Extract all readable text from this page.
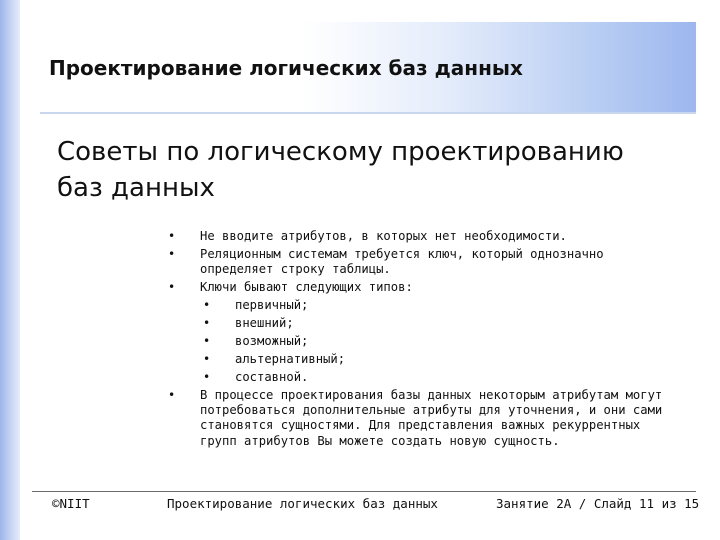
Проектирование логических баз данных
Советы по логическому проектированию баз данных
• Не вводите атрибутов, в которых нет необходимости.
• Реляционным системам требуется ключ, который однозначно определяет строку таблицы.
• Ключи бывают следующих типов:
• первичный;
• внешний;
• возможный;
• альтернативный;
• составной.
• В процессе проектирования базы данных некоторым атрибутам могут потребоваться дополнительные атрибуты для уточнения, и они сами становятся сущностями. Для представления важных рекуррентных групп атрибутов Вы можете создать новую сущность.
©NIIT	Проектирование логических баз данных	Занятие 2A / Слайд 11 из 15
